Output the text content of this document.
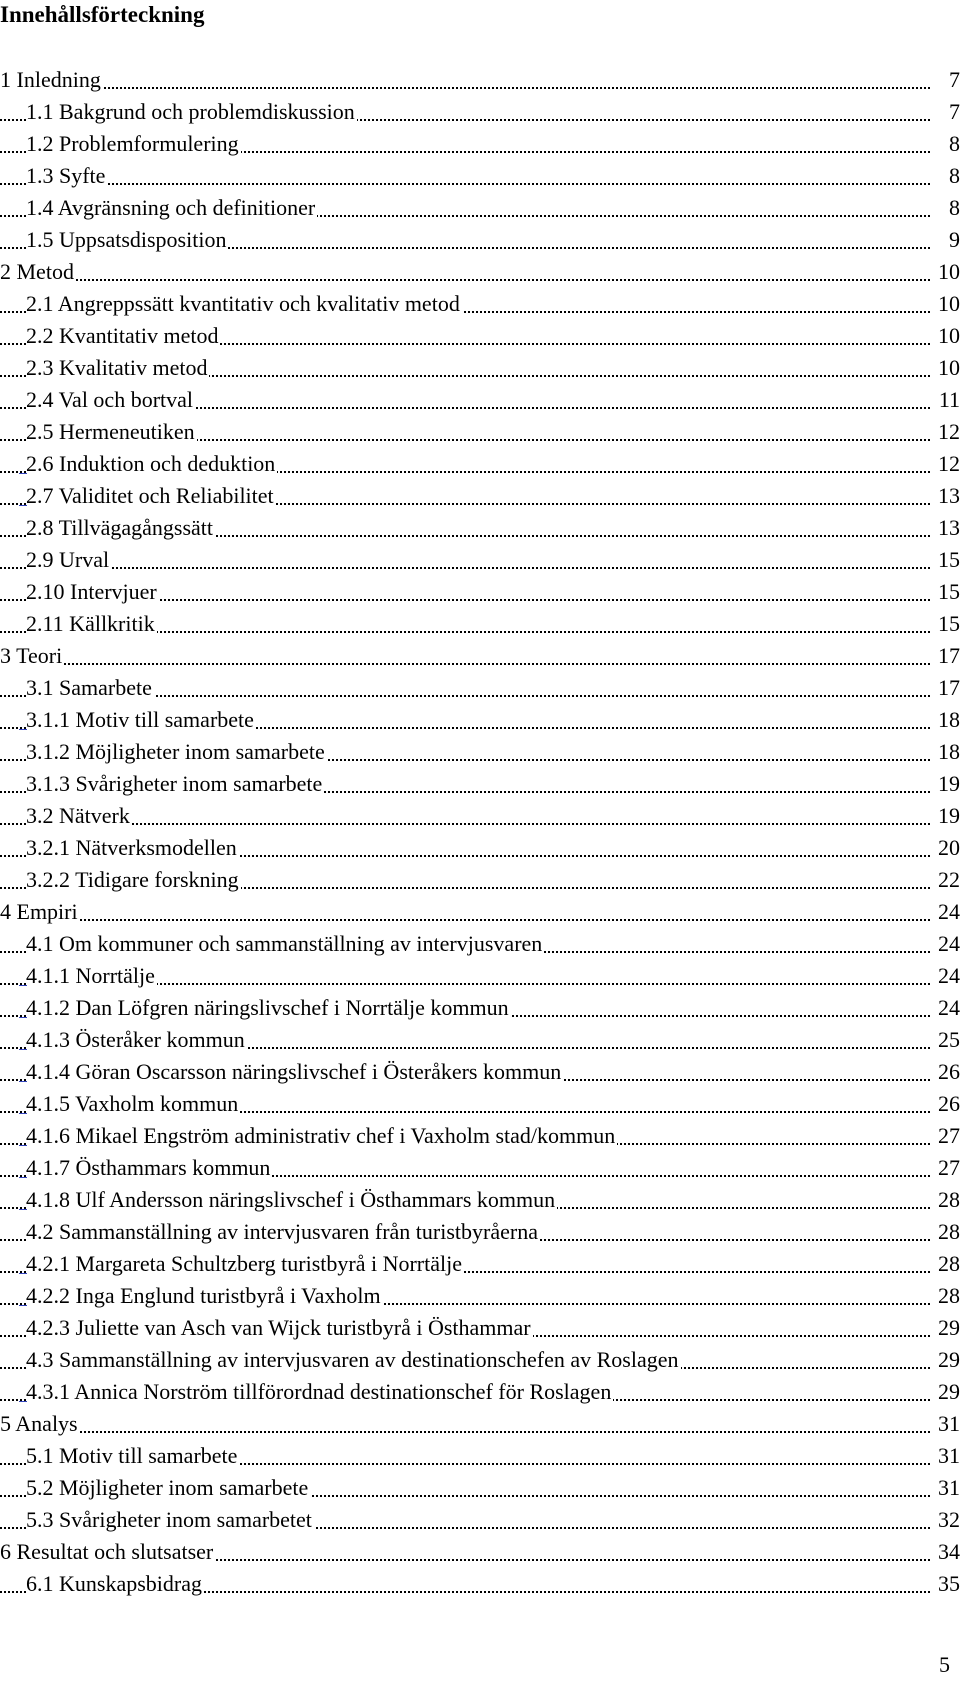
Innehållsförteckning
1 Inledning	7
1.1 Bakgrund och problemdiskussion	7
1.2 Problemformulering	8
1.3 Syfte	8
1.4 Avgränsning och definitioner	8
1.5 Uppsatsdisposition	9
2 Metod	10
2.1 Angreppssätt kvantitativ och kvalitativ metod	10
2.2 Kvantitativ metod	10
2.3 Kvalitativ metod	10
2.4 Val och bortval	11
2.5 Hermeneutiken	12
2.6 Induktion och deduktion	12
2.7 Validitet och Reliabilitet	13
2.8 Tillvägagångssätt	13
2.9 Urval	15
2.10 Intervjuer	15
2.11 Källkritik	15
3 Teori	17
3.1 Samarbete	17
3.1.1 Motiv till samarbete	18
3.1.2 Möjligheter inom samarbete	18
3.1.3 Svårigheter inom samarbete	19
3.2 Nätverk	19
3.2.1 Nätverksmodellen	20
3.2.2 Tidigare forskning	22
4 Empiri	24
4.1 Om kommuner och sammanställning av intervjusvaren	24
4.1.1 Norrtälje	24
4.1.2 Dan Löfgren näringslivschef i Norrtälje kommun	24
4.1.3 Österåker kommun	25
4.1.4 Göran Oscarsson näringslivschef i Österåkers kommun	26
4.1.5 Vaxholm kommun	26
4.1.6 Mikael Engström administrativ chef i Vaxholm stad/kommun	27
4.1.7 Östhammars kommun	27
4.1.8 Ulf Andersson näringslivschef i Östhammars kommun	28
4.2 Sammanställning av intervjusvaren från turistbyråerna	28
4.2.1 Margareta Schultzberg turistbyrå i Norrtälje	28
4.2.2 Inga Englund turistbyrå i Vaxholm	28
4.2.3 Juliette van Asch van Wijck turistbyrå i Östhammar	29
4.3 Sammanställning av intervjusvaren av destinationschefen av Roslagen	29
4.3.1 Annica Norström tillförordnad destinationschef för Roslagen	29
5 Analys	31
5.1 Motiv till samarbete	31
5.2 Möjligheter inom samarbete	31
5.3 Svårigheter inom samarbetet	32
6 Resultat och slutsatser	34
6.1 Kunskapsbidrag	35
5
